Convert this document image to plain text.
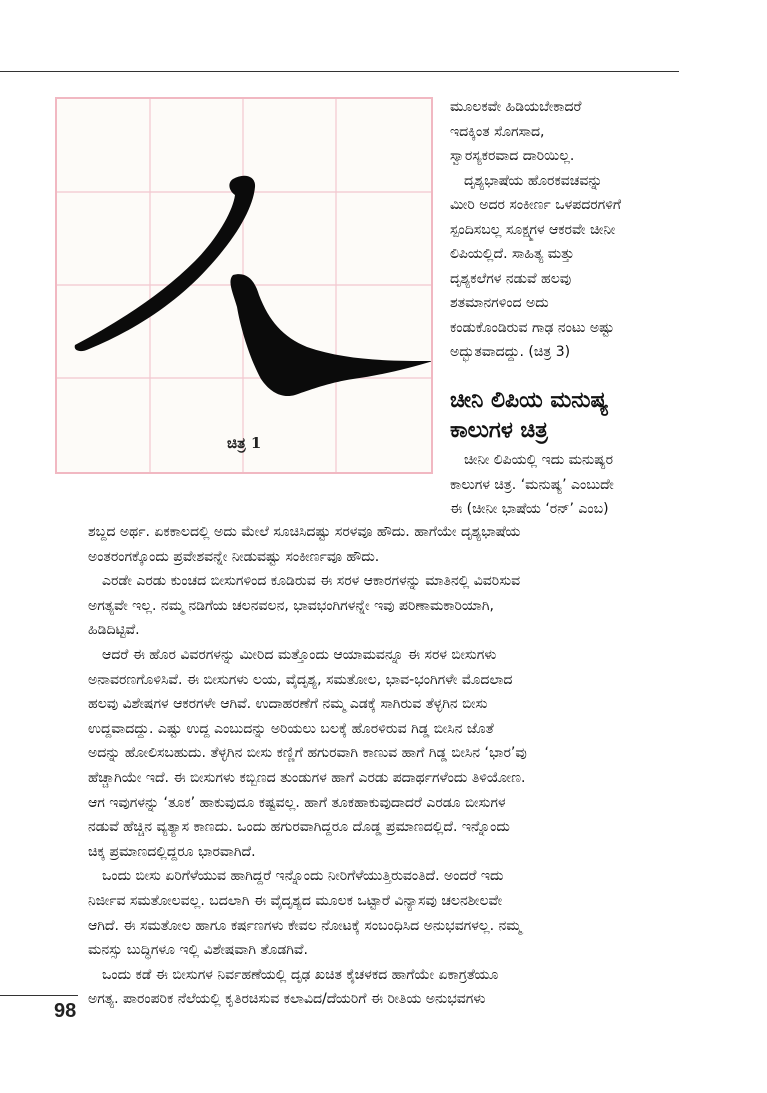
ಚಿತ್ರ 1
ಮೂಲಕವೇ ಹಿಡಿಯಬೇಕಾದರೆ
ಇದಕ್ಕಿಂತ ಸೊಗಸಾದ,
ಸ್ವಾರಸ್ಯಕರವಾದ ದಾರಿಯಿಲ್ಲ.
ದೃಶ್ಯಭಾಷೆಯ ಹೊರಕವಚವನ್ನು
ಮೀರಿ ಅದರ ಸಂಕೀರ್ಣ ಒಳಪದರಗಳಿಗೆ
ಸ್ಪಂದಿಸಬಲ್ಲ ಸೂಕ್ಷ್ಮಗಳ ಆಕರವೇ ಚೀನೀ
ಲಿಪಿಯಲ್ಲಿದೆ. ಸಾಹಿತ್ಯ ಮತ್ತು
ದೃಶ್ಯಕಲೆಗಳ ನಡುವೆ ಹಲವು
ಶತಮಾನಗಳಿಂದ ಅದು
ಕಂಡುಕೊಂಡಿರುವ ಗಾಢ ನಂಟು ಅಷ್ಟು
ಅದ್ಭುತವಾದದ್ದು. (ಚಿತ್ರ 3)
ಚೀನಿ ಲಿಪಿಯ ಮನುಷ್ಯ
ಕಾಲುಗಳ ಚಿತ್ರ
ಚೀನೀ ಲಿಪಿಯಲ್ಲಿ ಇದು ಮನುಷ್ಯರ
ಕಾಲುಗಳ ಚಿತ್ರ. ‘ಮನುಷ್ಯ’ ಎಂಬುದೇ
ಈ (ಚೀನೀ ಭಾಷೆಯ ‘ರನ್’ ಎಂಬ)
ಶಬ್ದದ ಅರ್ಥ. ಏಕಕಾಲದಲ್ಲಿ ಅದು ಮೇಲೆ ಸೂಚಿಸಿದಷ್ಟು ಸರಳವೂ ಹೌದು. ಹಾಗೆಯೇ ದೃಶ್ಯಭಾಷೆಯ
ಅಂತರಂಗಕ್ಕೊಂದು ಪ್ರವೇಶವನ್ನೇ ನೀಡುವಷ್ಟು ಸಂಕೀರ್ಣವೂ ಹೌದು.
ಎರಡೇ ಎರಡು ಕುಂಚದ ಬೀಸುಗಳಿಂದ ಕೂಡಿರುವ ಈ ಸರಳ ಆಕಾರಗಳನ್ನು ಮಾತಿನಲ್ಲಿ ವಿವರಿಸುವ
ಅಗತ್ಯವೇ ಇಲ್ಲ. ನಮ್ಮ ನಡಿಗೆಯ ಚಲನವಲನ, ಭಾವಭಂಗಿಗಳನ್ನೇ ಇವು ಪರಿಣಾಮಕಾರಿಯಾಗಿ,
ಹಿಡಿದಿಟ್ಟಿವೆ.
ಆದರೆ ಈ ಹೊರ ವಿವರಗಳನ್ನು ಮೀರಿದ ಮತ್ತೊಂದು ಆಯಾಮವನ್ನೂ ಈ ಸರಳ ಬೀಸುಗಳು
ಅನಾವರಣಗೊಳಿಸಿವೆ. ಈ ಬೀಸುಗಳು ಲಯ, ವೈದೃಶ್ಯ, ಸಮತೋಲ, ಭಾವ-ಭಂಗಿಗಳೇ ಮೊದಲಾದ
ಹಲವು ವಿಶೇಷಗಳ ಆಕರಗಳೇ ಆಗಿವೆ. ಉದಾಹರಣೆಗೆ ನಮ್ಮ ಎಡಕ್ಕೆ ಸಾಗಿರುವ ತೆಳ್ಳಗಿನ ಬೀಸು
ಉದ್ದವಾದದ್ದು. ಎಷ್ಟು ಉದ್ದ ಎಂಬುದನ್ನು ಅರಿಯಲು ಬಲಕ್ಕೆ ಹೊರಳಿರುವ ಗಿಡ್ಡ ಬೀಸಿನ ಜೊತೆ
ಅದನ್ನು ಹೋಲಿಸಬಹುದು. ತೆಳ್ಳಗಿನ ಬೀಸು ಕಣ್ಣಿಗೆ ಹಗುರವಾಗಿ ಕಾಣುವ ಹಾಗೆ ಗಿಡ್ಡ ಬೀಸಿನ ‘ಭಾರ’ವು
ಹೆಚ್ಚಾಗಿಯೇ ಇದೆ. ಈ ಬೀಸುಗಳು ಕಬ್ಬಿಣದ ತುಂಡುಗಳ ಹಾಗೆ ಎರಡು ಪದಾರ್ಥಗಳೆಂದು ತಿಳಿಯೋಣ.
ಆಗ ಇವುಗಳನ್ನು ‘ತೂಕ’ ಹಾಕುವುದೂ ಕಷ್ಟವಲ್ಲ. ಹಾಗೆ ತೂಕಹಾಕುವುದಾದರೆ ಎರಡೂ ಬೀಸುಗಳ
ನಡುವೆ ಹೆಚ್ಚಿನ ವ್ಯತ್ಯಾಸ ಕಾಣದು. ಒಂದು ಹಗುರವಾಗಿದ್ದರೂ ದೊಡ್ಡ ಪ್ರಮಾಣದಲ್ಲಿದೆ. ಇನ್ನೊಂದು
ಚಿಕ್ಕ ಪ್ರಮಾಣದಲ್ಲಿದ್ದರೂ ಭಾರವಾಗಿದೆ.
ಒಂದು ಬೀಸು ಏರಿಗೆಳೆಯುವ ಹಾಗಿದ್ದರೆ ಇನ್ನೊಂದು ನೀರಿಗೆಳೆಯುತ್ತಿರುವಂತಿದೆ. ಅಂದರೆ ಇದು
ನಿರ್ಜೀವ ಸಮತೋಲವಲ್ಲ. ಬದಲಾಗಿ ಈ ವೈದೃಶ್ಯದ ಮೂಲಕ ಒಟ್ಟಾರೆ ವಿನ್ಯಾಸವು ಚಲನಶೀಲವೇ
ಆಗಿದೆ. ಈ ಸಮತೋಲ ಹಾಗೂ ಕರ್ಷಣಗಳು ಕೇವಲ ನೋಟಕ್ಕೆ ಸಂಬಂಧಿಸಿದ ಅನುಭವಗಳಲ್ಲ. ನಮ್ಮ
ಮನಸ್ಸು ಬುದ್ಧಿಗಳೂ ಇಲ್ಲಿ ವಿಶೇಷವಾಗಿ ತೊಡಗಿವೆ.
ಒಂದು ಕಡೆ ಈ ಬೀಸುಗಳ ನಿರ್ವಹಣೆಯಲ್ಲಿ ದೃಢ ಖಚಿತ ಕೈಚಳಕದ ಹಾಗೆಯೇ ಏಕಾಗ್ರತೆಯೂ
ಅಗತ್ಯ. ಪಾರಂಪರಿಕ ನೆಲೆಯಲ್ಲಿ ಕೃತಿರಚಿಸುವ ಕಲಾವಿದ/ದೆಯರಿಗೆ ಈ ರೀತಿಯ ಅನುಭವಗಳು
98
